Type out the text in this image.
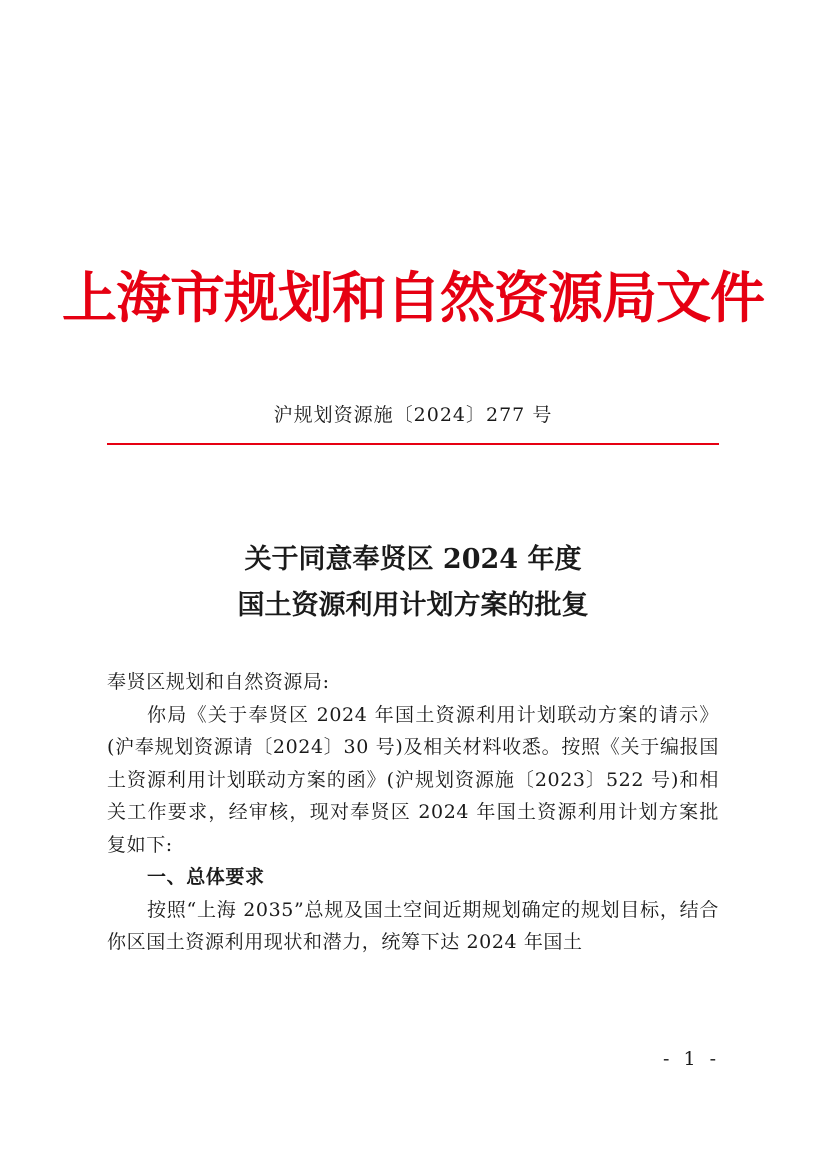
上海市规划和自然资源局文件
沪规划资源施〔2024〕277 号
关于同意奉贤区 2024 年度
国土资源利用计划方案的批复

奉贤区规划和自然资源局:

你局《关于奉贤区 2024 年国土资源利用计划联动方案的请示》(沪奉规划资源请〔2024〕30 号)及相关材料收悉。按照《关于编报国土资源利用计划联动方案的函》(沪规划资源施〔2023〕522 号)和相关工作要求，经审核，现对奉贤区 2024 年国土资源利用计划方案批复如下:

一、总体要求

按照“上海 2035”总规及国土空间近期规划确定的规划目标，结合你区国土资源利用现状和潜力，统筹下达 2024 年国土

- 1 -
